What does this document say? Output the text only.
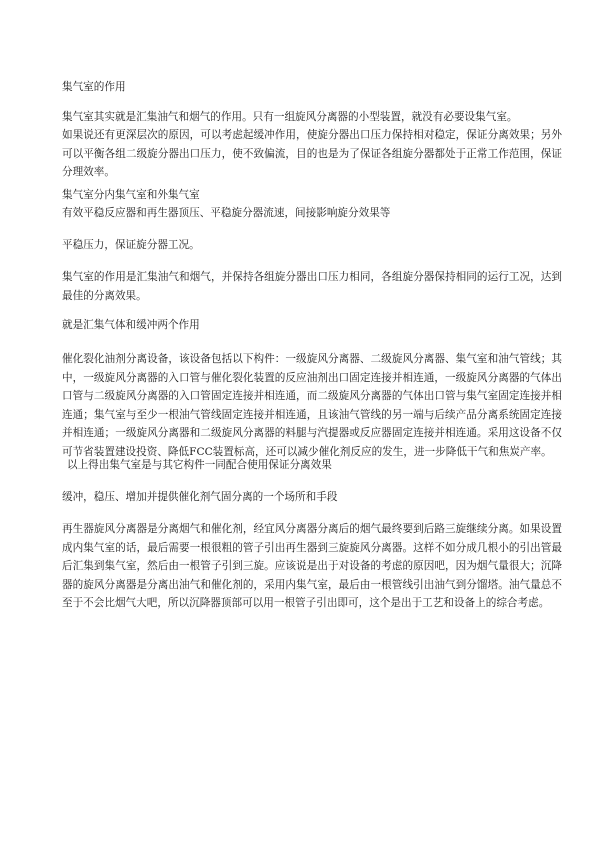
集气室的作用

集气室其实就是汇集油气和烟气的作用。只有一组旋风分离器的小型装置，就没有必要设集气室。

如果说还有更深层次的原因，可以考虑起缓冲作用，使旋分器出口压力保持相对稳定，保证分离效果；另外可以平衡各组二级旋分器出口压力，使不致偏流，目的也是为了保证各组旋分器都处于正常工作范围，保证分理效率。

集气室分内集气室和外集气室

有效平稳反应器和再生器顶压、平稳旋分器流速，间接影响旋分效果等

平稳压力，保证旋分器工况。

集气室的作用是汇集油气和烟气，并保持各组旋分器出口压力相同，各组旋分器保持相同的运行工况，达到最佳的分离效果。

就是汇集气体和缓冲两个作用

催化裂化油剂分离设备，该设备包括以下构件：一级旋风分离器、二级旋风分离器、集气室和油气管线；其中，一级旋风分离器的入口管与催化裂化装置的反应油剂出口固定连接并相连通，一级旋风分离器的气体出口管与二级旋风分离器的入口管固定连接并相连通，而二级旋风分离器的气体出口管与集气室固定连接并相连通；集气室与至少一根油气管线固定连接并相连通，且该油气管线的另一端与后续产品分离系统固定连接并相连通；一级旋风分离器和二级旋风分离器的料腿与汽提器或反应器固定连接并相连通。采用这设备不仅可节省装置建设投资、降低FCC装置标高，还可以减少催化剂反应的发生，进一步降低干气和焦炭产率。

以上得出集气室是与其它构件一同配合使用保证分离效果

缓冲，稳压、增加并提供催化剂气固分离的一个场所和手段

再生器旋风分离器是分离烟气和催化剂，经宜风分离器分离后的烟气最终要到后路三旋继续分离。如果设置成内集气室的话，最后需要一根很粗的管子引出再生器到三旋旋风分离器。这样不如分成几根小的引出管最后汇集到集气室，然后由一根管子引到三旋。应该说是出于对设备的考虑的原因吧，因为烟气量很大；沉降器的旋风分离器是分离出油气和催化剂的，采用内集气室，最后由一根管线引出油气到分馏塔。油气量总不至于不会比烟气大吧，所以沉降器顶部可以用一根管子引出即可，这个是出于工艺和设备上的综合考虑。
